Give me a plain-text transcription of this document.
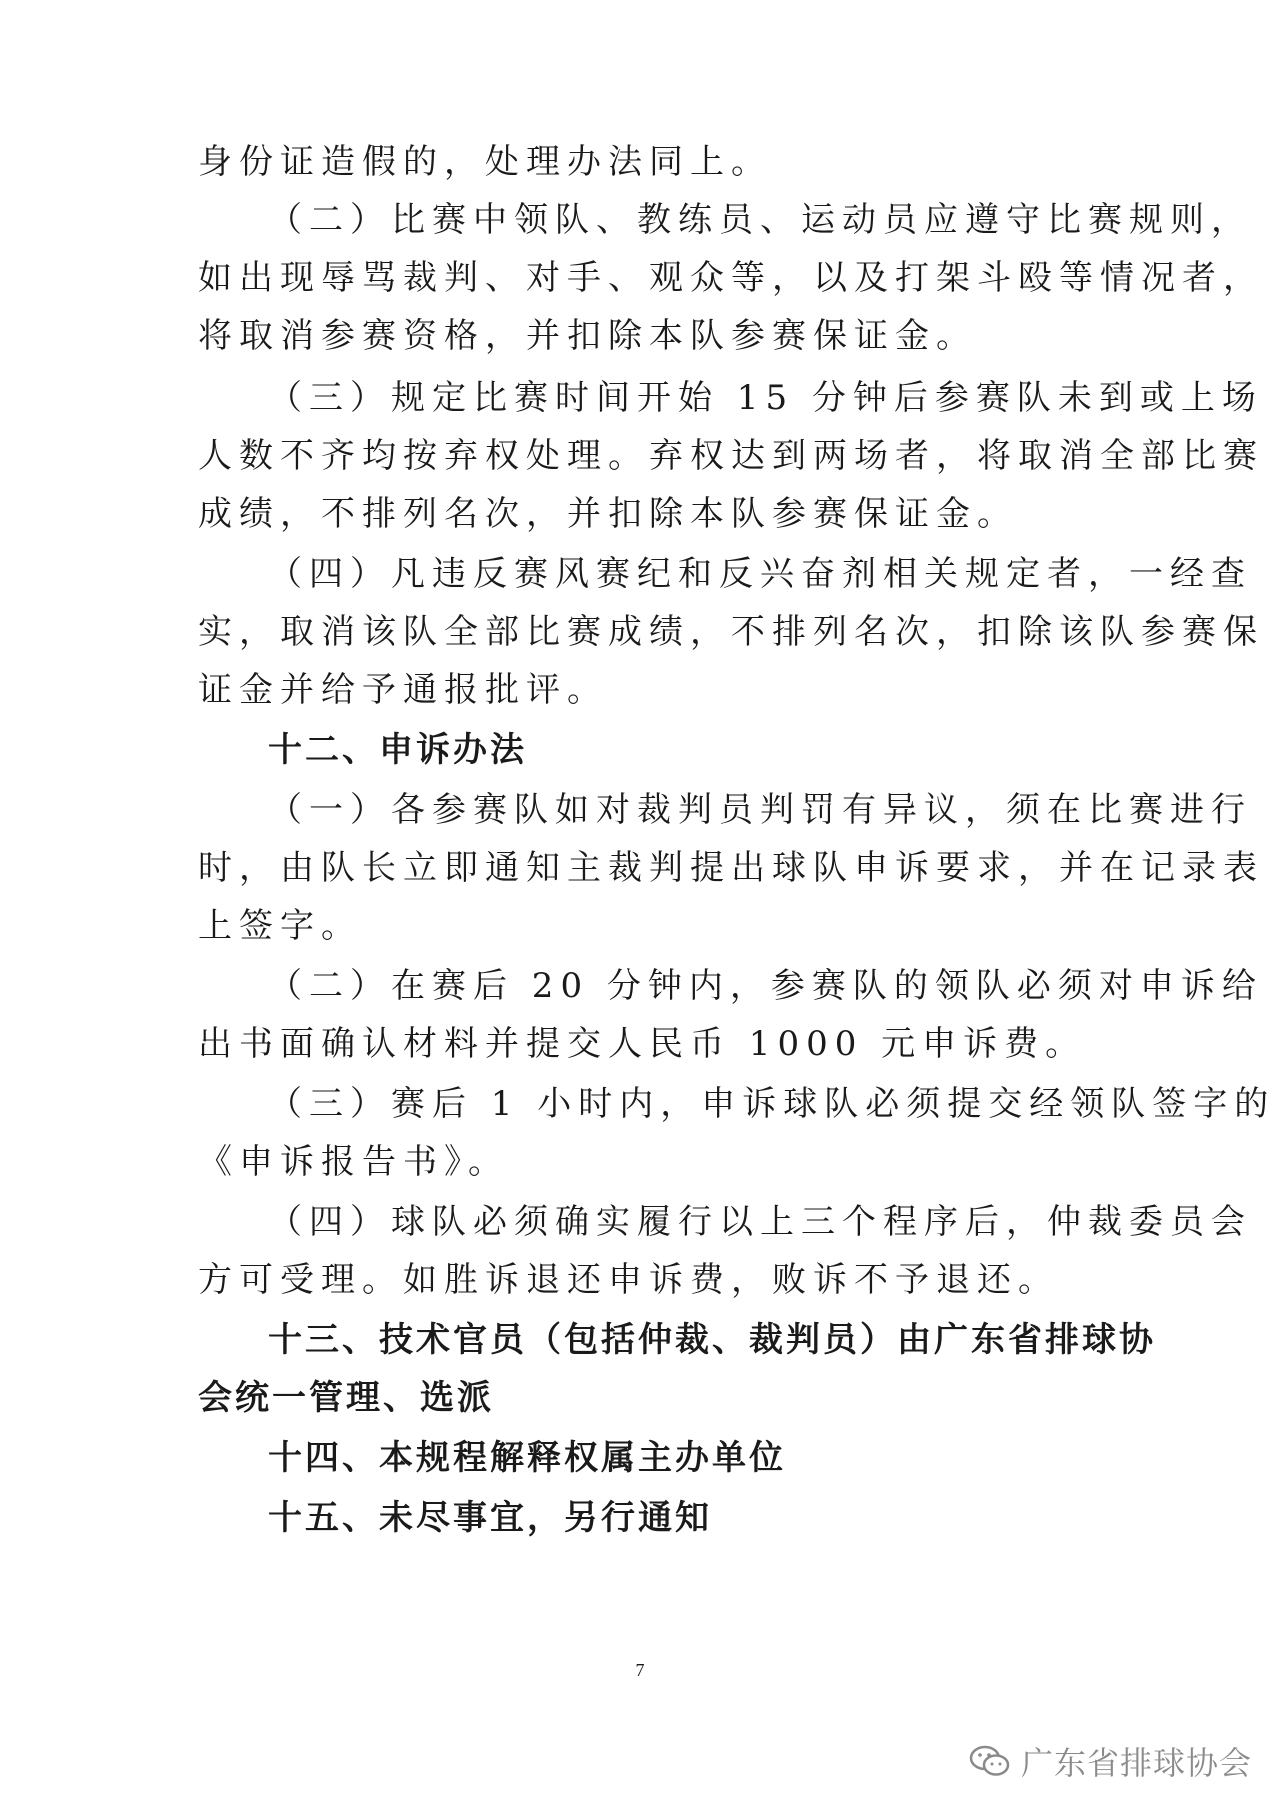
身份证造假的，处理办法同上。
（二）比赛中领队、教练员、运动员应遵守比赛规则，
如出现辱骂裁判、对手、观众等，以及打架斗殴等情况者，
将取消参赛资格，并扣除本队参赛保证金。
（三）规定比赛时间开始 15 分钟后参赛队未到或上场
人数不齐均按弃权处理。弃权达到两场者，将取消全部比赛
成绩，不排列名次，并扣除本队参赛保证金。
（四）凡违反赛风赛纪和反兴奋剂相关规定者，一经查
实，取消该队全部比赛成绩，不排列名次，扣除该队参赛保
证金并给予通报批评。
十二、申诉办法
（一）各参赛队如对裁判员判罚有异议，须在比赛进行
时，由队长立即通知主裁判提出球队申诉要求，并在记录表
上签字。
（二）在赛后 20 分钟内，参赛队的领队必须对申诉给
出书面确认材料并提交人民币 1000 元申诉费。
（三）赛后 1 小时内，申诉球队必须提交经领队签字的
《申诉报告书》。
（四）球队必须确实履行以上三个程序后，仲裁委员会
方可受理。如胜诉退还申诉费，败诉不予退还。
十三、技术官员（包括仲裁、裁判员）由广东省排球协
会统一管理、选派
十四、本规程解释权属主办单位
十五、未尽事宜，另行通知
7
广东省排球协会
